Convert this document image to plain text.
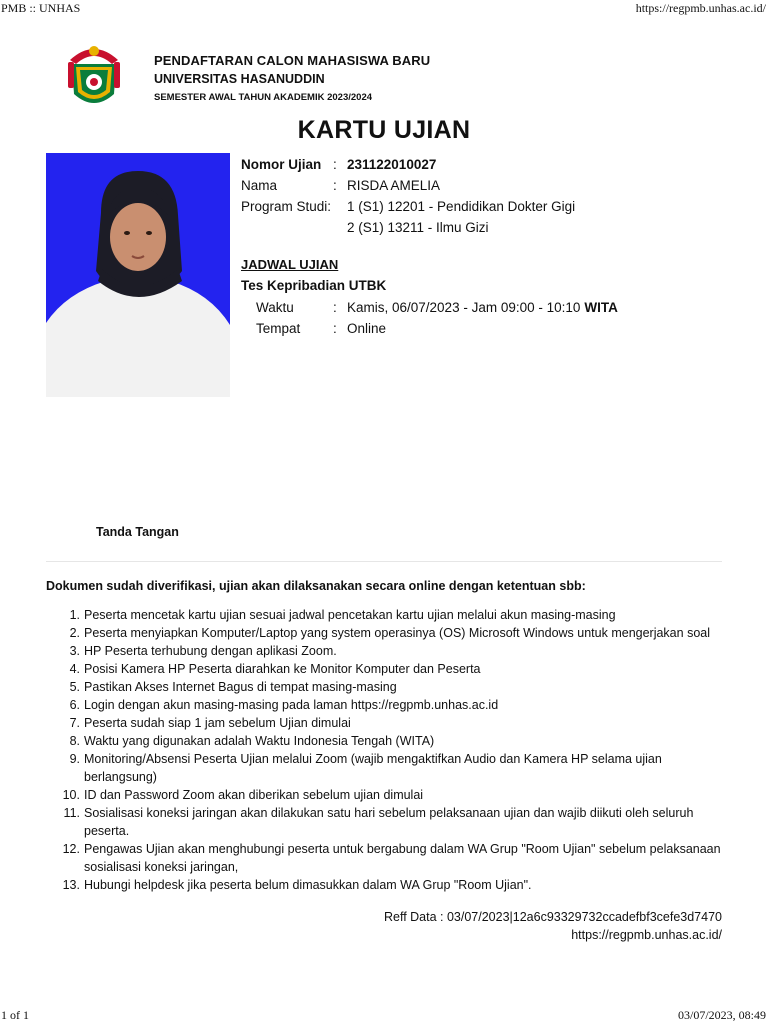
PMB :: UNHAS	https://regpmb.unhas.ac.id/
PENDAFTARAN CALON MAHASISWA BARU
UNIVERSITAS HASANUDDIN
SEMESTER AWAL TAHUN AKADEMIK 2023/2024
KARTU UJIAN
Nomor Ujian : 231122010027
Nama	: RISDA AMELIA
Program Studi:	1 (S1) 12201 - Pendidikan Dokter Gigi
2 (S1) 13211 - Ilmu Gizi
JADWAL UJIAN
Tes Kepribadian UTBK
Waktu	: Kamis, 06/07/2023 - Jam 09:00 - 10:10 WITA
Tempat	: Online
Tanda Tangan
Dokumen sudah diverifikasi, ujian akan dilaksanakan secara online dengan ketentuan sbb:
1. Peserta mencetak kartu ujian sesuai jadwal pencetakan kartu ujian melalui akun masing-masing
2. Peserta menyiapkan Komputer/Laptop yang system operasinya (OS) Microsoft Windows untuk mengerjakan soal
3. HP Peserta terhubung dengan aplikasi Zoom.
4. Posisi Kamera HP Peserta diarahkan ke Monitor Komputer dan Peserta
5. Pastikan Akses Internet Bagus di tempat masing-masing
6. Login dengan akun masing-masing pada laman https://regpmb.unhas.ac.id
7. Peserta sudah siap 1 jam sebelum Ujian dimulai
8. Waktu yang digunakan adalah Waktu Indonesia Tengah (WITA)
9. Monitoring/Absensi Peserta Ujian melalui Zoom (wajib mengaktifkan Audio dan Kamera HP selama ujian berlangsung)
10. ID dan Password Zoom akan diberikan sebelum ujian dimulai
11. Sosialisasi koneksi jaringan akan dilakukan satu hari sebelum pelaksanaan ujian dan wajib diikuti oleh seluruh peserta.
12. Pengawas Ujian akan menghubungi peserta untuk bergabung dalam WA Grup "Room Ujian" sebelum pelaksanaan sosialisasi koneksi jaringan,
13. Hubungi helpdesk jika peserta belum dimasukkan dalam WA Grup "Room Ujian".
Reff Data : 03/07/2023|12a6c93329732ccadefbf3cefe3d7470
https://regpmb.unhas.ac.id/
1 of 1	03/07/2023, 08:49
